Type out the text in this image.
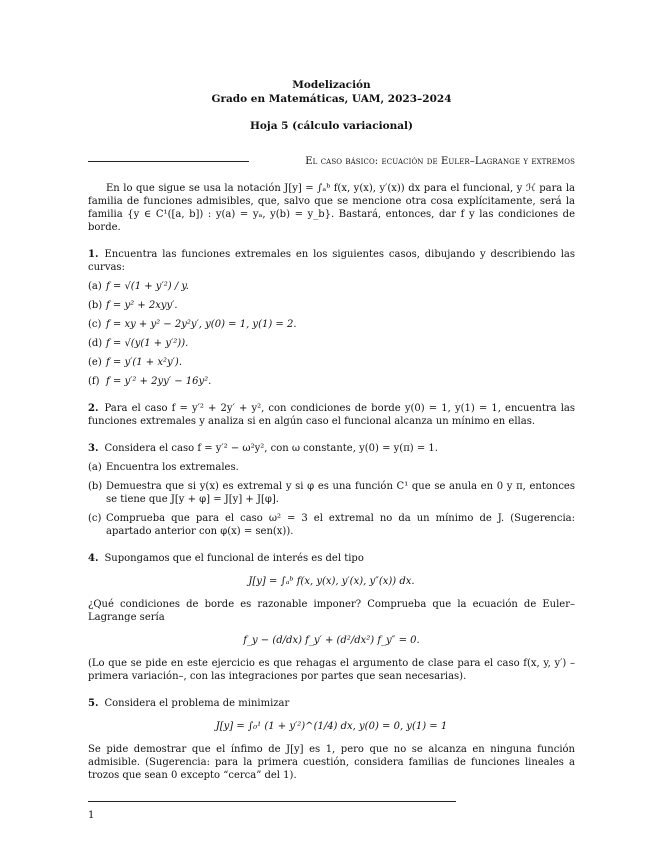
Modelización
Grado en Matemáticas, UAM, 2023–2024
Hoja 5 (cálculo variacional)
El caso básico: ecuación de Euler–Lagrange y extremos

En lo que sigue se usa la notación J[y] = ∫ₐᵇ f(x, y(x), y′(x)) dx para el funcional, y ℋ para la familia de funciones admisibles, que, salvo que se mencione otra cosa explícitamente, será la familia {y ∈ C¹([a, b]) : y(a) = yₐ, y(b) = y_b}. Bastará, entonces, dar f y las condiciones de borde.

1. Encuentra las funciones extremales en los siguientes casos, dibujando y describiendo las curvas:

(a) f = √(1 + y′²) / y.
(b) f = y² + 2xyy′.
(c) f = xy + y² − 2y²y′, y(0) = 1, y(1) = 2.
(d) f = √(y(1 + y′²)).
(e) f = y′(1 + x²y′).
(f) f = y′² + 2yy′ − 16y².

2. Para el caso f = y′² + 2y′ + y², con condiciones de borde y(0) = 1, y(1) = 1, encuentra las funciones extremales y analiza si en algún caso el funcional alcanza un mínimo en ellas.

3. Considera el caso f = y′² − ω²y², con ω constante, y(0) = y(π) = 1.

(a) Encuentra los extremales.
(b) Demuestra que si y(x) es extremal y si φ es una función C¹ que se anula en 0 y π, entonces se tiene que J[y + φ] = J[y] + J[φ].
(c) Comprueba que para el caso ω² = 3 el extremal no da un mínimo de J. (Sugerencia: apartado anterior con φ(x) = sen(x)).

4. Supongamos que el funcional de interés es del tipo

J[y] = ∫ₐᵇ f(x, y(x), y′(x), y″(x)) dx.

¿Qué condiciones de borde es razonable imponer? Comprueba que la ecuación de Euler–Lagrange sería

f_y − (d/dx) f_y′ + (d²/dx²) f_y″ = 0.

(Lo que se pide en este ejercicio es que rehagas el argumento de clase para el caso f(x, y, y′) –primera variación–, con las integraciones por partes que sean necesarias).

5. Considera el problema de minimizar

J[y] = ∫₀¹ (1 + y′²)^(1/4) dx, y(0) = 0, y(1) = 1

Se pide demostrar que el ínfimo de J[y] es 1, pero que no se alcanza en ninguna función admisible. (Sugerencia: para la primera cuestión, considera familias de funciones lineales a trozos que sean 0 excepto “cerca” del 1).

1
